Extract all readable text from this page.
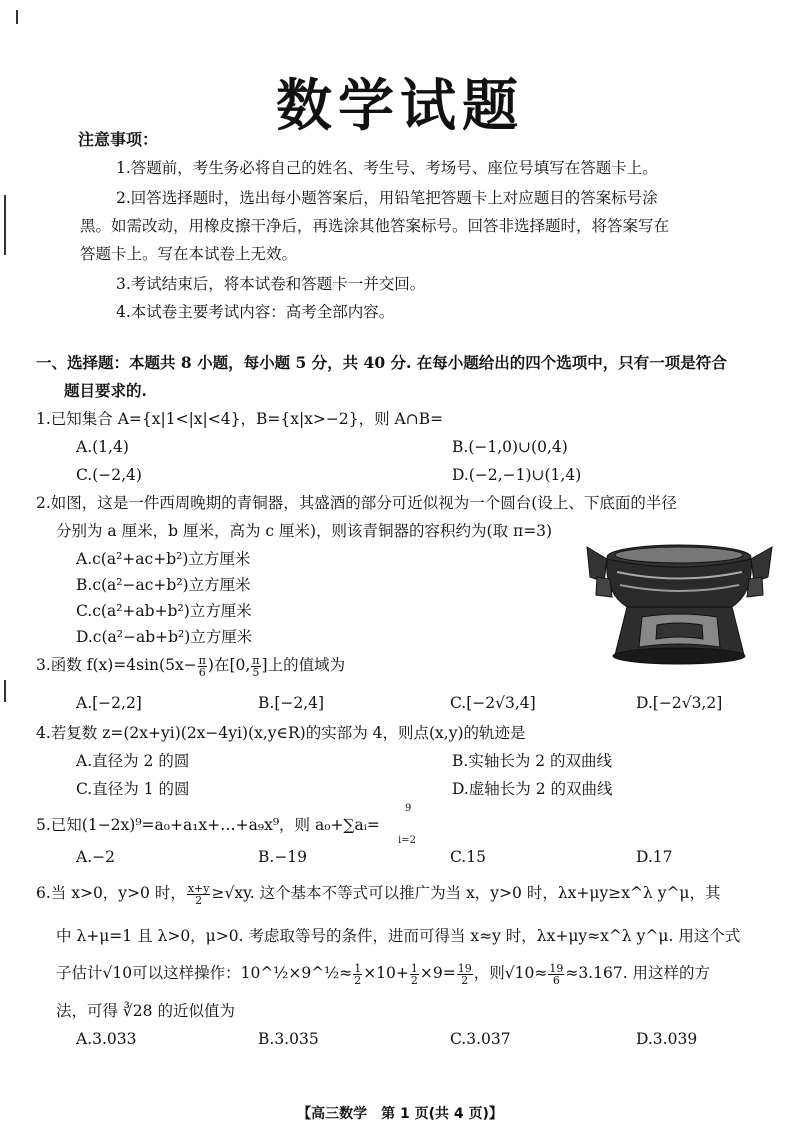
数学试题
注意事项：
1.答题前，考生务必将自己的姓名、考生号、考场号、座位号填写在答题卡上。
2.回答选择题时，选出每小题答案后，用铅笔把答题卡上对应题目的答案标号涂
黑。如需改动，用橡皮擦干净后，再选涂其他答案标号。回答非选择题时，将答案写在
答题卡上。写在本试卷上无效。
3.考试结束后，将本试卷和答题卡一并交回。
4.本试卷主要考试内容：高考全部内容。
一、选择题：本题共 8 小题，每小题 5 分，共 40 分. 在每小题给出的四个选项中，只有一项是符合
题目要求的.
1.已知集合 A={x|1<|x|<4}，B={x|x>−2}，则 A∩B=
A.(1,4)	B.(−1,0)∪(0,4)
C.(−2,4)	D.(−2,−1)∪(1,4)
2.如图，这是一件西周晚期的青铜器，其盛酒的部分可近似视为一个圆台(设上、下底面的半径
分别为 a 厘米，b 厘米，高为 c 厘米)，则该青铜器的容积约为(取 π=3)
A.c(a²+ac+b²)立方厘米
B.c(a²−ac+b²)立方厘米
C.c(a²+ab+b²)立方厘米
D.c(a²−ab+b²)立方厘米
3.函数 $f(x)=4\sin(5x- \frac{\pi}{6}$ )在[0, $\frac{\pi}{5}$ ]上的值域为
A.[−2,2]	B.[−2,4]	C.[−2√3,4]	D.[−2√3,2]
4.若复数 z=(2x+yi)(2x−4yi)(x,y∈R)的实部为 4，则点(x,y)的轨迹是
A.直径为 2 的圆	B.实轴长为 2 的双曲线
C.直径为 1 的圆	D.虚轴长为 2 的双曲线
5.已知(1−2x)⁹=a₀+a₁x+…+a₉x⁹，则 a₀+∑aᵢ=
9
i=2
A.−2	B.−19	C.15	D.17
6.当 x>0，y>0 时， $\frac{x+y}{2} \ge√xy$. 这个基本不等式可以推广为当 x，y>0 时，λx+μy≥x^λ y^μ，其
中 λ+μ=1 且 λ>0，μ>0. 考虑取等号的条件，进而可得当 x≈y 时，λx+μy≈x^λ y^μ. 用这个式
子估计√10可以这样操作：10^½×9^½≈ $\frac{1}{2} \times 10+ \frac{1}{2} \times 9= \frac{19}{2}$ ，则$√10\approx \frac{19}{6} \approx 3.167$. 用这样的方
法，可得 ∛28 的近似值为
A.3.033	B.3.035	C.3.037	D.3.039
【高三数学　第 1 页(共 4 页)】
